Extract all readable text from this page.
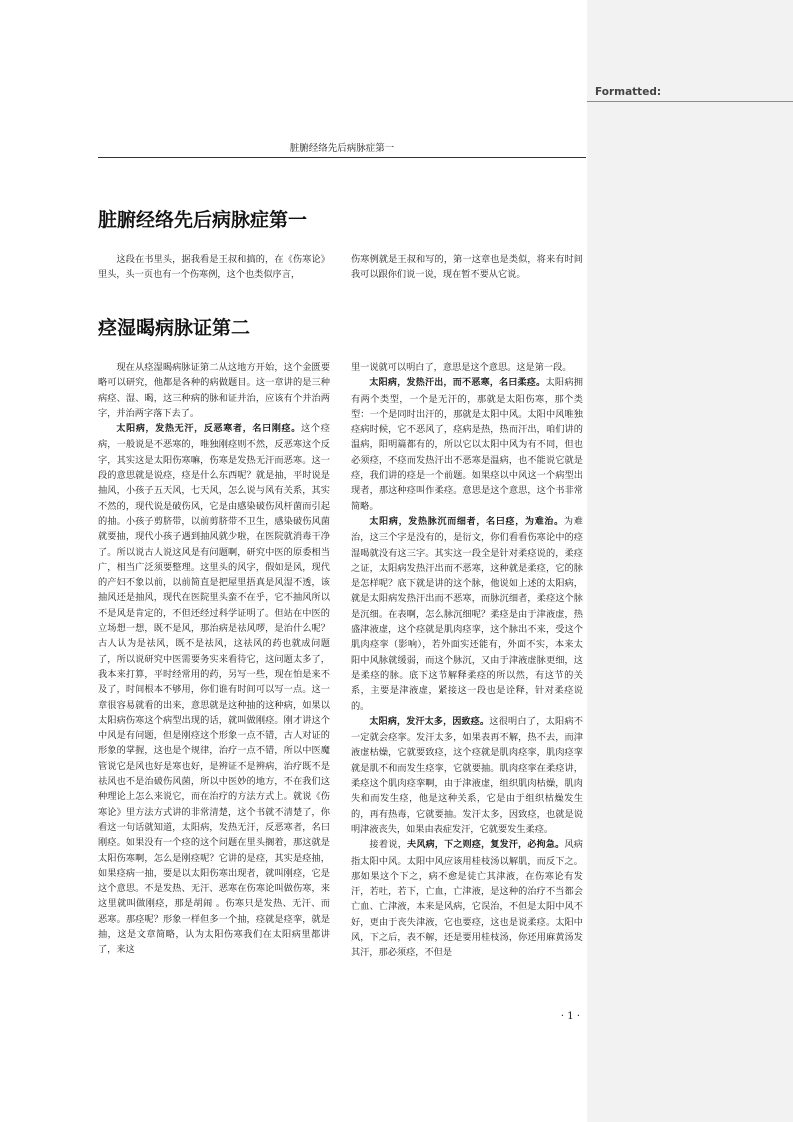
Formatted:
脏腑经络先后病脉症第一
脏腑经络先后病脉症第一

这段在书里头，据我看是王叔和搞的，在《伤寒论》里头，头一页也有一个伤寒例，这个也类似序言，

伤寒例就是王叔和写的，第一这章也是类似，将来有时间我可以跟你们说一说，现在暂不要从它说。

痉湿暍病脉证第二

现在从痉湿暍病脉证第二从这地方开始，这个金匮要略可以研究，他都是各种的病做题目。这一章讲的是三种病痉、湿、暍，这三种病的脉和证并治，应该有个并治两字，并治两字落下去了。

太阳病，发热无汗，反恶寒者，名曰刚痉。这个痉病，一般说是不恶寒的，唯独刚痉则不然，反恶寒这个反字，其实这是太阳伤寒嘛，伤寒是发热无汗而恶寒。这一段的意思就是说痉，痉是什么东西呢？就是抽，平时说是抽风，小孩子五天风，七天风，怎么说与风有关系，其实不然的，现代说是破伤风，它是由感染破伤风杆菌而引起的抽。小孩子剪脐带，以前剪脐带不卫生，感染破伤风菌就要抽，现代小孩子遇到抽风就少啦，在医院就消毒干净了。所以说古人说这风是有问题啊，研究中医的原委相当广，相当广泛须要整理。这里头的风字，假如是风，现代的产妇不象以前，以前简直是把屋里捂真是风湿不透，该抽风还是抽风，现代在医院里头蛮不在乎，它不抽风所以不是风是肯定的，不但还经过科学证明了。但站在中医的立场想一想，既不是风，那治病是祛风啰，是治什么呢？古人认为是祛风，既不是祛风，这祛风的药也就成问题了，所以说研究中医需要务实来看待它，这问题太多了，我本来打算，平时经常用的药，另写一些，现在怕是来不及了，时间根本不够用，你们谁有时间可以写一点。这一章很容易就看的出来，意思就是这种抽的这种病，如果以太阳病伤寒这个病型出现的话，就叫做刚痉。刚才讲这个中风是有问题，但是刚痉这个形象一点不错，古人对证的形象的掌握，这也是个规律，治疗一点不错，所以中医魔管说它是风也好是寒也好，是辨证不是辨病，治疗既不是祛风也不是治破伤风菌，所以中医妙的地方，不在我们这种理论上怎么来说它，而在治疗的方法方式上。就说《伤寒论》里方法方式讲的非常清楚，这个书就不清楚了，你看这一句话就知道，太阳病，发热无汗，反恶寒者，名曰刚痉。如果没有一个痉的这个问题在里头搁着，那这就是太阳伤寒啊，怎么是刚痉呢？它讲的是痉，其实是痉抽，如果痉病一抽，要是以太阳伤寒出现者，就叫刚痉，它是这个意思。不是发热、无汗、恶寒在伤寒论叫做伤寒，来这里就叫做刚痉，那是胡闹 。伤寒只是发热、无汗、而恶寒。那痉呢？形象一样但多一个抽，痉就是痉挛，就是抽，这是文章简略，认为太阳伤寒我们在太阳病里都讲了，来这

里一说就可以明白了，意思是这个意思。这是第一段。

太阳病，发热汗出，而不恶寒，名曰柔痉。太阳病拥有两个类型，一个是无汗的，那就是太阳伤寒，那个类型：一个是同时出汗的，那就是太阳中风。太阳中风唯独痉病时候，它不恶风了，痉病是热，热而汗出，咱们讲的温病，阳明篇都有的，所以它以太阳中风为有不同，但也必须痉，不痉而发热汗出不恶寒是温病，也不能说它就是痉，我们讲的痉是一个前题。如果痉以中风这一个病型出现者，那这种痉叫作柔痉。意思是这个意思，这个书非常简略。

太阳病，发热脉沉而细者，名曰痉，为难治。为难治，这三个字是没有的，是衍文，你们看看伤寒论中的痉湿喝就没有这三字。其实这一段全是针对柔痉说的，柔痉之证，太阳病发热汗出而不恶寒，这种就是柔痉，它的脉是怎样呢？底下就是讲的这个脉，他说如上述的太阳病，就是太阳病发热汗出而不恶寒，而脉沉细者，柔痉这个脉是沉细。在表啊，怎么脉沉细呢？柔痉是由于津液虚，热盛津液虚，这个痉就是肌肉痉挛，这个脉出不来，受这个肌肉痉挛（影响），若外面实还能有，外面不实，本来太阳中风脉就缓弱，而这个脉沉，又由于津液虚脉更细，这是柔痉的脉。底下这节解释柔痉的所以然，有这节的关系，主要是津液虚，紧接这一段也是诠释，针对柔痉说的。

太阳病，发汗太多，因致痉。这很明白了，太阳病不一定就会痉挛。发汗太多，如果表再不解，热不去，而津液虚枯燥，它就要致痉，这个痉就是肌肉痉挛，肌肉痉挛就是肌不和而发生痉挛，它就要抽。肌肉痉挛在柔痉讲，柔痉这个肌肉痉挛啊，由于津液虚，组织肌肉枯燥，肌肉失和而发生痉，他是这种关系，它是由于组织枯燥发生的，再有热毒，它就要抽。发汗太多，因致痉，也就是说明津液丧失，如果由表症发汗，它就要发生柔痉。

接着说，夫风病，下之则痉，复发汗，必拘急。风病指太阳中风。太阳中风应该用桂枝汤以解肌，而反下之。那如果这个下之，病不愈是徒亡其津液，在伤寒论有发汗，若吐，若下，亡血，亡津液，是这种的治疗不当都会亡血、亡津液，本来是风病，它误治，不但是太阳中风不好，更由于丧失津液，它也要痉，这也是说柔痉。太阳中风，下之后，表不解，还是要用桂枝汤，你还用麻黄汤发其汗，那必须痉，不但是

· 1 ·
